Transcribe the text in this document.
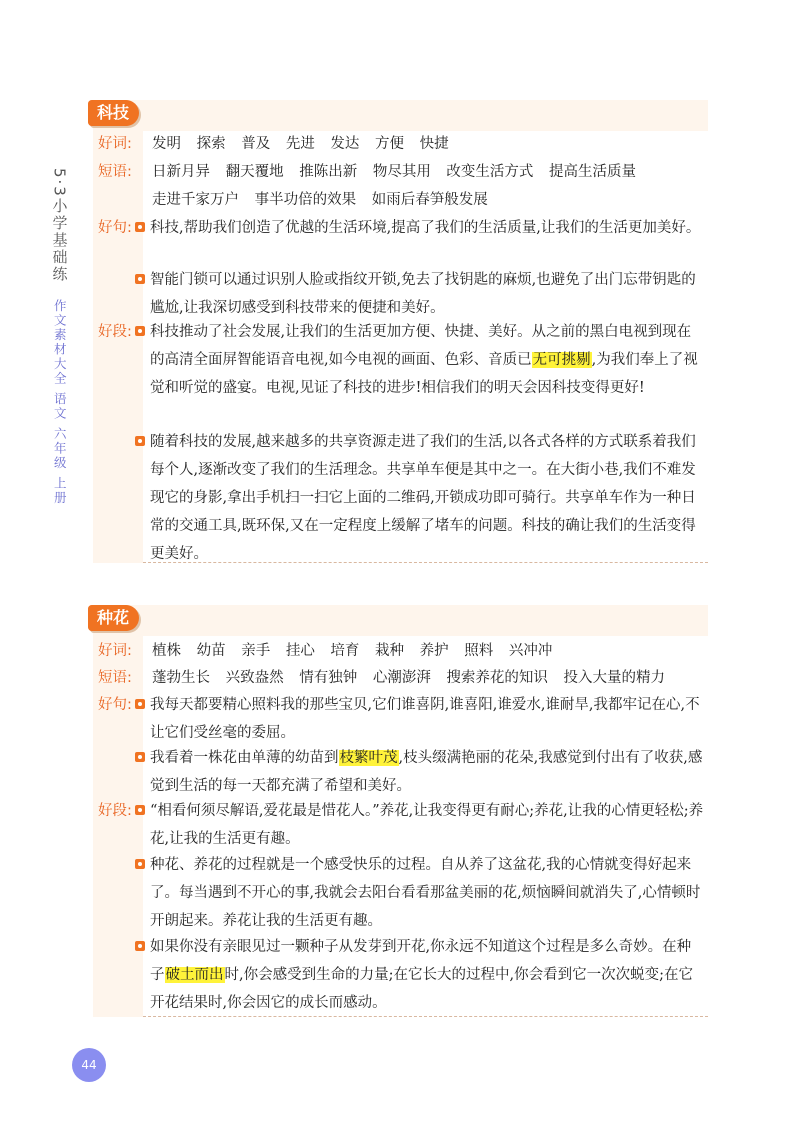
5·3小学基础练
作文素材大全 语文 六年级 上册
科技
好词:	发明 探索 普及 先进 发达 方便 快捷
短语:	日新月异 翻天覆地 推陈出新 物尽其用 改变生活方式 提高生活质量
走进千家万户 事半功倍的效果 如雨后春笋般发展
好句:	科技,帮助我们创造了优越的生活环境,提高了我们的生活质量,让我们的生活更加美好。
智能门锁可以通过识别人脸或指纹开锁,免去了找钥匙的麻烦,也避免了出门忘带钥匙的尴尬,让我深切感受到科技带来的便捷和美好。
好段:	科技推动了社会发展,让我们的生活更加方便、快捷、美好。从之前的黑白电视到现在的高清全面屏智能语音电视,如今电视的画面、色彩、音质已无可挑剔,为我们奉上了视觉和听觉的盛宴。电视,见证了科技的进步!相信我们的明天会因科技变得更好!
随着科技的发展,越来越多的共享资源走进了我们的生活,以各式各样的方式联系着我们每个人,逐渐改变了我们的生活理念。共享单车便是其中之一。在大街小巷,我们不难发现它的身影,拿出手机扫一扫它上面的二维码,开锁成功即可骑行。共享单车作为一种日常的交通工具,既环保,又在一定程度上缓解了堵车的问题。科技的确让我们的生活变得更美好。
种花
好词:	植株 幼苗 亲手 挂心 培育 栽种 养护 照料 兴冲冲
短语:	蓬勃生长 兴致盎然 情有独钟 心潮澎湃 搜索养花的知识 投入大量的精力
好句:	我每天都要精心照料我的那些宝贝,它们谁喜阴,谁喜阳,谁爱水,谁耐旱,我都牢记在心,不让它们受丝毫的委屈。
我看着一株花由单薄的幼苗到枝繁叶茂,枝头缀满艳丽的花朵,我感觉到付出有了收获,感觉到生活的每一天都充满了希望和美好。
好段:	“相看何须尽解语,爱花最是惜花人。”养花,让我变得更有耐心;养花,让我的心情更轻松;养花,让我的生活更有趣。
种花、养花的过程就是一个感受快乐的过程。自从养了这盆花,我的心情就变得好起来了。每当遇到不开心的事,我就会去阳台看看那盆美丽的花,烦恼瞬间就消失了,心情顿时开朗起来。养花让我的生活更有趣。
如果你没有亲眼见过一颗种子从发芽到开花,你永远不知道这个过程是多么奇妙。在种子破土而出时,你会感受到生命的力量;在它长大的过程中,你会看到它一次次蜕变;在它开花结果时,你会因它的成长而感动。
44
